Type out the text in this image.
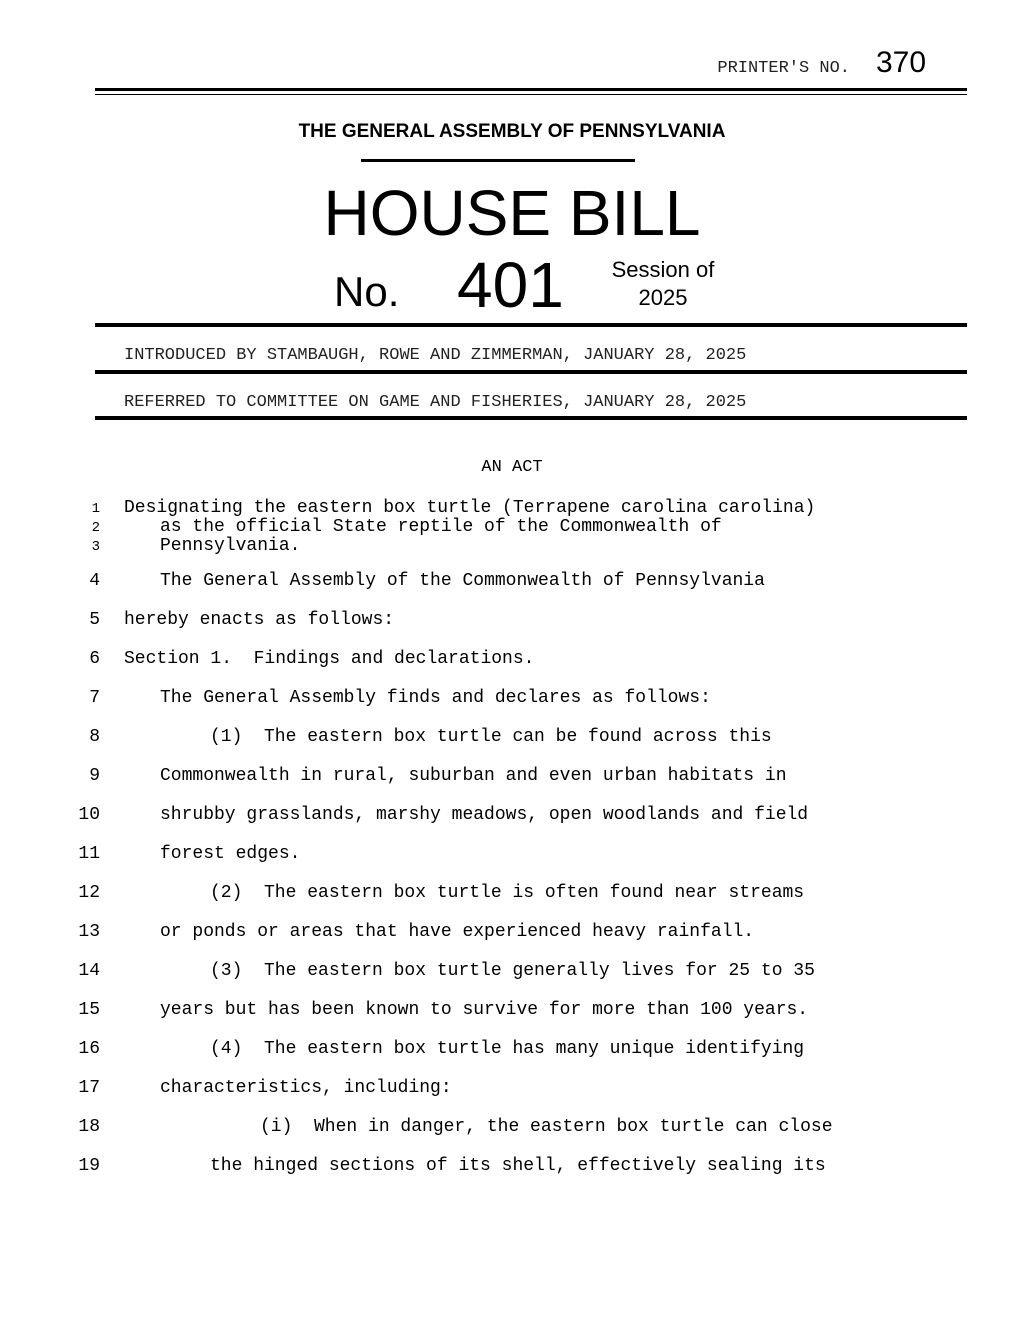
PRINTER'S NO. 370
THE GENERAL ASSEMBLY OF PENNSYLVANIA
HOUSE BILL
No. 401 Session of
2025
INTRODUCED BY STAMBAUGH, ROWE AND ZIMMERMAN, JANUARY 28, 2025
REFERRED TO COMMITTEE ON GAME AND FISHERIES, JANUARY 28, 2025
AN ACT
1 Designating the eastern box turtle (Terrapene carolina carolina)
2	as the official State reptile of the Commonwealth of
3	Pennsylvania.
4	The General Assembly of the Commonwealth of Pennsylvania
5 hereby enacts as follows:
6 Section 1.  Findings and declarations.
7	The General Assembly finds and declares as follows:
8	(1)  The eastern box turtle can be found across this
9	Commonwealth in rural, suburban and even urban habitats in
10	shrubby grasslands, marshy meadows, open woodlands and field
11	forest edges.
12	(2)  The eastern box turtle is often found near streams
13	or ponds or areas that have experienced heavy rainfall.
14	(3)  The eastern box turtle generally lives for 25 to 35
15	years but has been known to survive for more than 100 years.
16	(4)  The eastern box turtle has many unique identifying
17	characteristics, including:
18	(i)  When in danger, the eastern box turtle can close
19	the hinged sections of its shell, effectively sealing its
